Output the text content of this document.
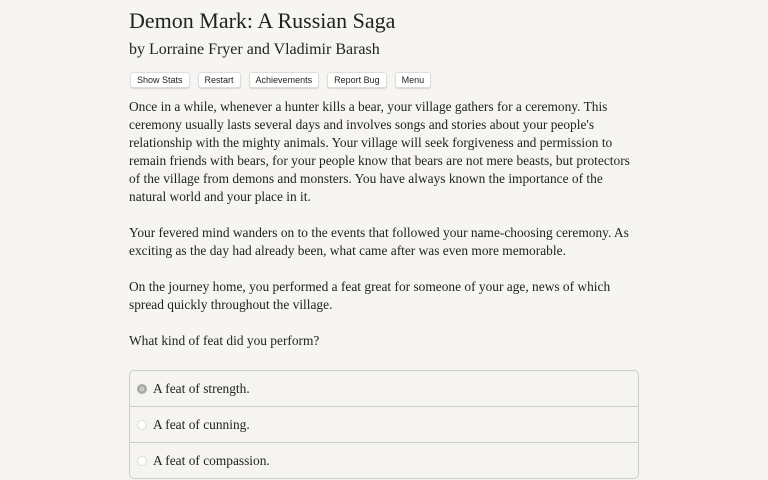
Demon Mark: A Russian Saga
by Lorraine Fryer and Vladimir Barash
Show Stats	Restart	Achievements	Report Bug	Menu

Once in a while, whenever a hunter kills a bear, your village gathers for a ceremony. This ceremony usually lasts several days and involves songs and stories about your people's relationship with the mighty animals. Your village will seek forgiveness and permission to remain friends with bears, for your people know that bears are not mere beasts, but protectors of the village from demons and monsters. You have always known the importance of the natural world and your place in it.

Your fevered mind wanders on to the events that followed your name-choosing ceremony. As exciting as the day had already been, what came after was even more memorable.

On the journey home, you performed a feat great for someone of your age, news of which spread quickly throughout the village.

What kind of feat did you perform?

A feat of strength.
A feat of cunning.
A feat of compassion.
